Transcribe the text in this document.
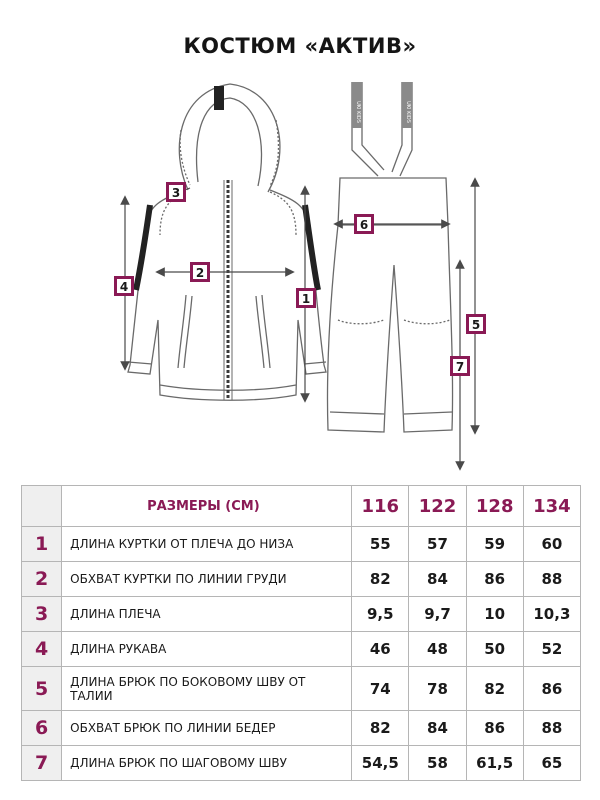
КОСТЮМ «АКТИВ»
UKI KIDS	UKI KIDS
1
2
3
4
5
6
7
	РАЗМЕРЫ (СМ)	116	122	128	134
1	ДЛИНА КУРТКИ ОТ ПЛЕЧА ДО НИЗА	55	57	59	60
2	ОБХВАТ КУРТКИ ПО ЛИНИИ ГРУДИ	82	84	86	88
3	ДЛИНА ПЛЕЧА	9,5	9,7	10	10,3
4	ДЛИНА РУКАВА	46	48	50	52
5	ДЛИНА БРЮК ПО БОКОВОМУ ШВУ ОТ ТАЛИИ	74	78	82	86
6	ОБХВАТ БРЮК ПО ЛИНИИ БЕДЕР	82	84	86	88
7	ДЛИНА БРЮК ПО ШАГОВОМУ ШВУ	54,5	58	61,5	65
